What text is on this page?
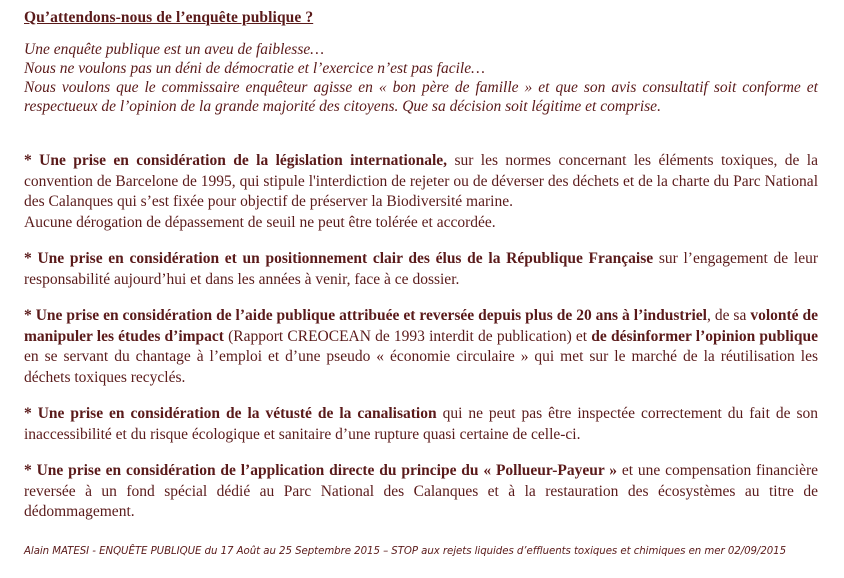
Qu’attendons-nous de l’enquête publique ?

Une enquête publique est un aveu de faiblesse…

Nous ne voulons pas un déni de démocratie et l’exercice n’est pas facile…

Nous voulons que le commissaire enquêteur agisse en « bon père de famille » et que son avis consultatif soit conforme et respectueux de l’opinion de la grande majorité des citoyens. Que sa décision soit légitime et comprise.

* Une prise en considération de la législation internationale, sur les normes concernant les éléments toxiques, de la convention de Barcelone de 1995, qui stipule l'interdiction de rejeter ou de déverser des déchets et de la charte du Parc National des Calanques qui s’est fixée pour objectif de préserver la Biodiversité marine.
Aucune dérogation de dépassement de seuil ne peut être tolérée et accordée.

* Une prise en considération et un positionnement clair des élus de la République Française sur l’engagement de leur responsabilité aujourd’hui et dans les années à venir, face à ce dossier.

* Une prise en considération de l’aide publique attribuée et reversée depuis plus de 20 ans à l’industriel, de sa volonté de manipuler les études d’impact (Rapport CREOCEAN de 1993 interdit de publication) et de désinformer l’opinion publique en se servant du chantage à l’emploi et d’une pseudo « économie circulaire » qui met sur le marché de la réutilisation les déchets toxiques recyclés.

* Une prise en considération de la vétusté de la canalisation qui ne peut pas être inspectée correctement du fait de son inaccessibilité et du risque écologique et sanitaire d’une rupture quasi certaine de celle-ci.

* Une prise en considération de l’application directe du principe du « Pollueur-Payeur » et une compensation financière reversée à un fond spécial dédié au Parc National des Calanques et à la restauration des écosystèmes au titre de dédommagement.

Alain MATESI - ENQUÊTE PUBLIQUE du 17 Août au 25 Septembre 2015 – STOP aux rejets liquides d’effluents toxiques et chimiques en mer 02/09/2015
